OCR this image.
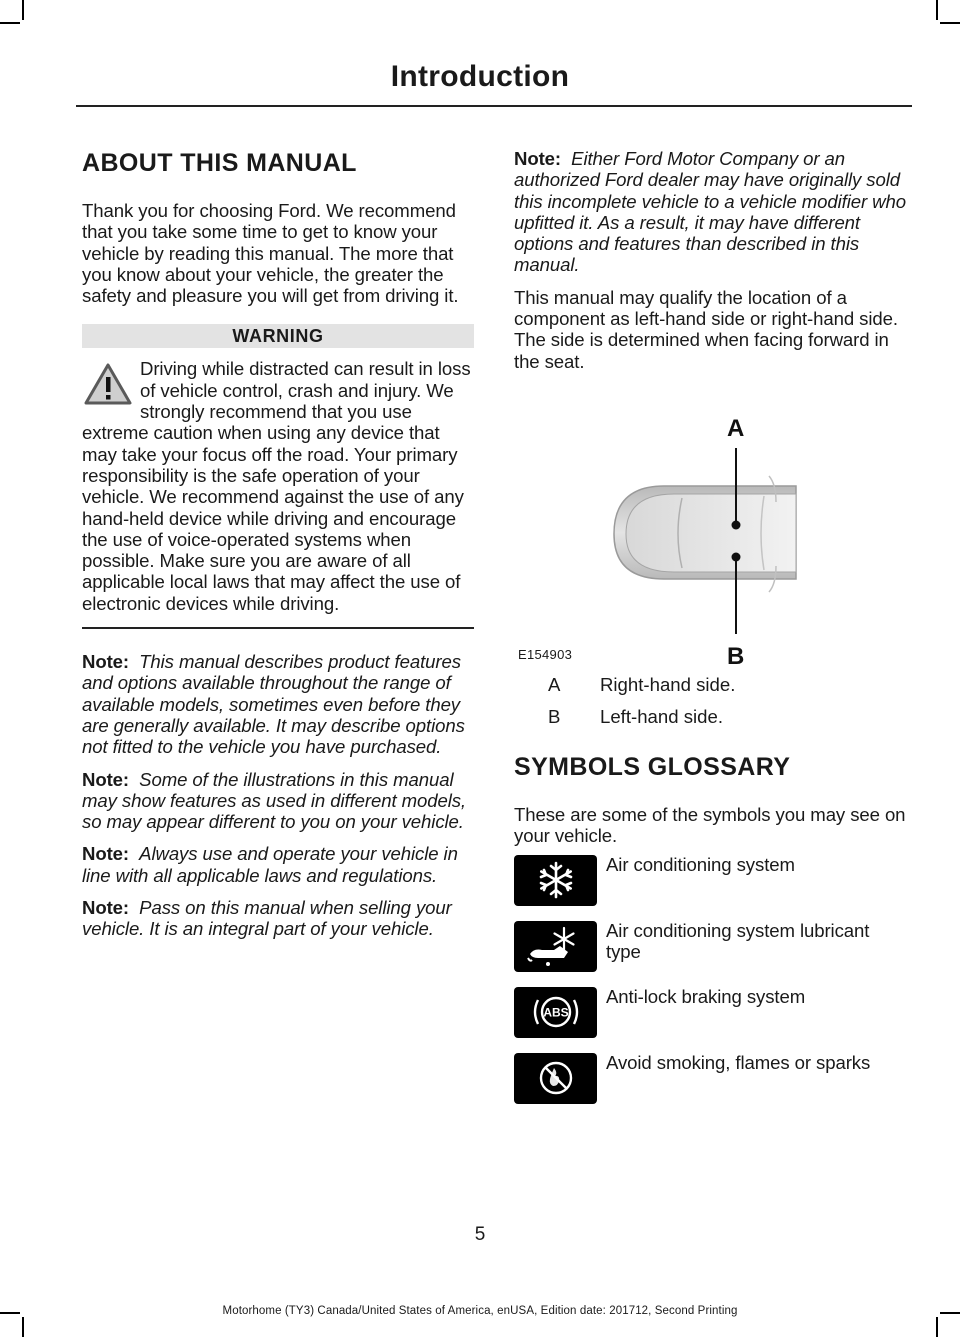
Introduction
ABOUT THIS MANUAL

Thank you for choosing Ford. We recommend that you take some time to get to know your vehicle by reading this manual. The more that you know about your vehicle, the greater the safety and pleasure you will get from driving it.

WARNING
Driving while distracted can result in loss of vehicle control, crash and injury. We strongly recommend that you use extreme caution when using any device that may take your focus off the road. Your primary responsibility is the safe operation of your vehicle. We recommend against the use of any hand-held device while driving and encourage the use of voice-operated systems when possible. Make sure you are aware of all applicable local laws that may affect the use of electronic devices while driving.

Note: This manual describes product features and options available throughout the range of available models, sometimes even before they are generally available. It may describe options not fitted to the vehicle you have purchased.

Note: Some of the illustrations in this manual may show features as used in different models, so may appear different to you on your vehicle.

Note: Always use and operate your vehicle in line with all applicable laws and regulations.

Note: Pass on this manual when selling your vehicle. It is an integral part of your vehicle.

Note: Either Ford Motor Company or an authorized Ford dealer may have originally sold this incomplete vehicle to a vehicle modifier who upfitted it. As a result, it may have different options and features than described in this manual.

This manual may qualify the location of a component as left-hand side or right-hand side. The side is determined when facing forward in the seat.

A
B
E154903
A	Right-hand side.
B	Left-hand side.
SYMBOLS GLOSSARY

These are some of the symbols you may see on your vehicle.

Air conditioning system
Air conditioning system lubricant type
ABS
Anti-lock braking system
Avoid smoking, flames or sparks
5
Motorhome (TY3) Canada/United States of America, enUSA, Edition date: 201712, Second Printing
